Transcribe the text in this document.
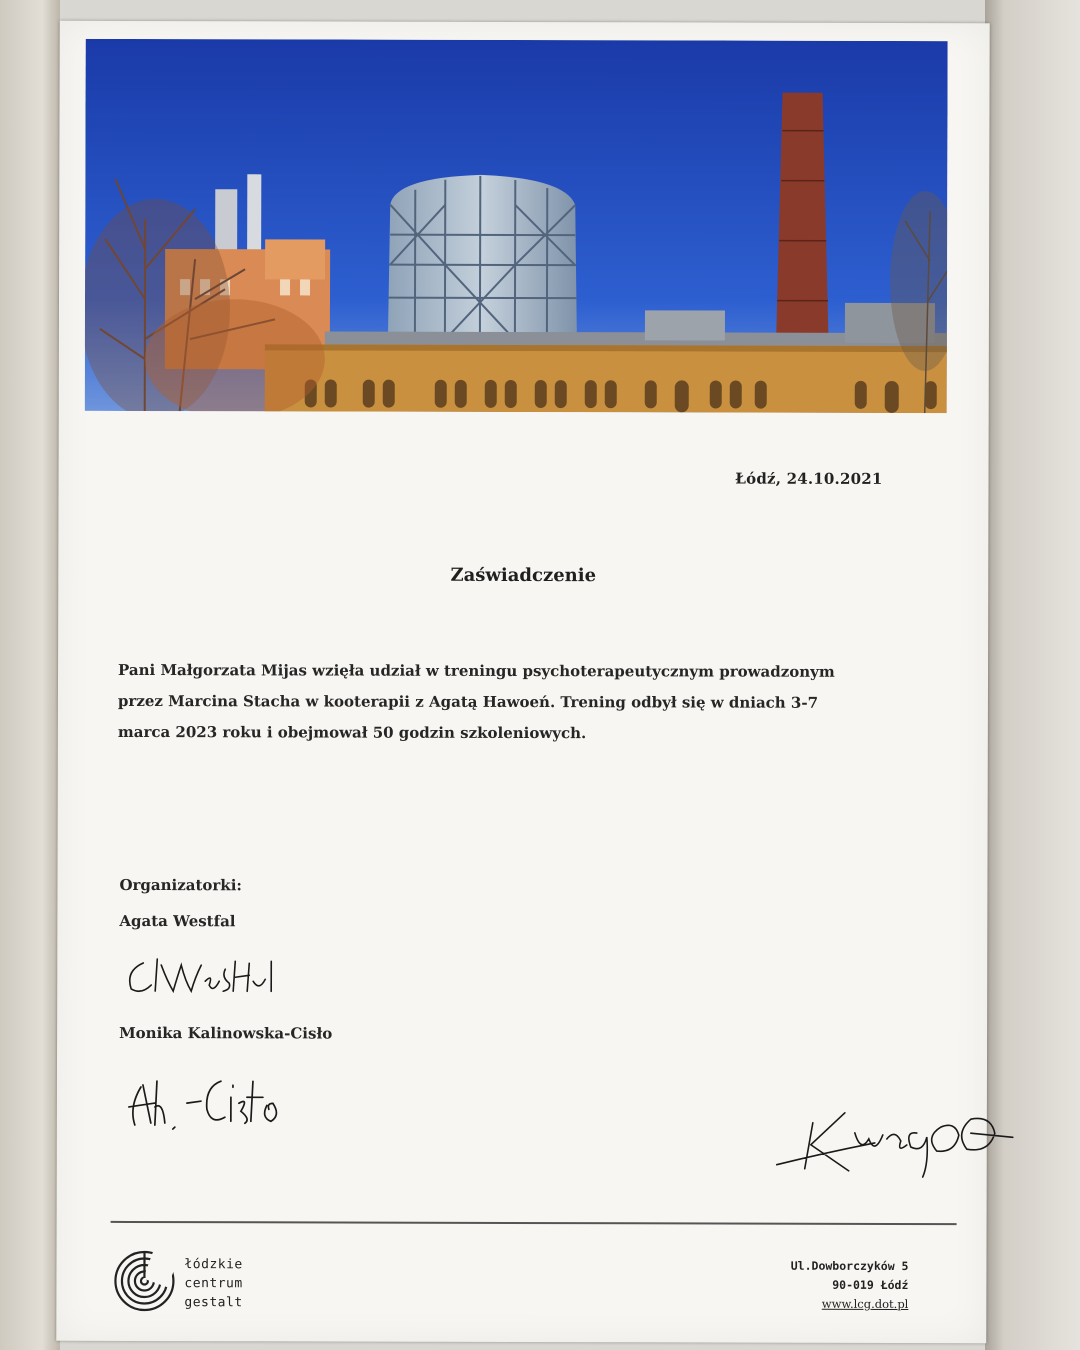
Łódź, 24.10.2021
Zaświadczenie
Pani Małgorzata Mijas wzięła udział w treningu psychoterapeutycznym prowadzonym
przez Marcina Stacha w kooterapii z Agatą Hawoeń. Trening odbył się w dniach 3-7
marca 2023 roku i obejmował 50 godzin szkoleniowych.
Organizatorki:
Agata Westfal
Monika Kalinowska-Cisło
łódzkie
centrum
gestalt
Ul.Dowborczyków 5
90-019 Łódź
www.lcg.dot.pl
